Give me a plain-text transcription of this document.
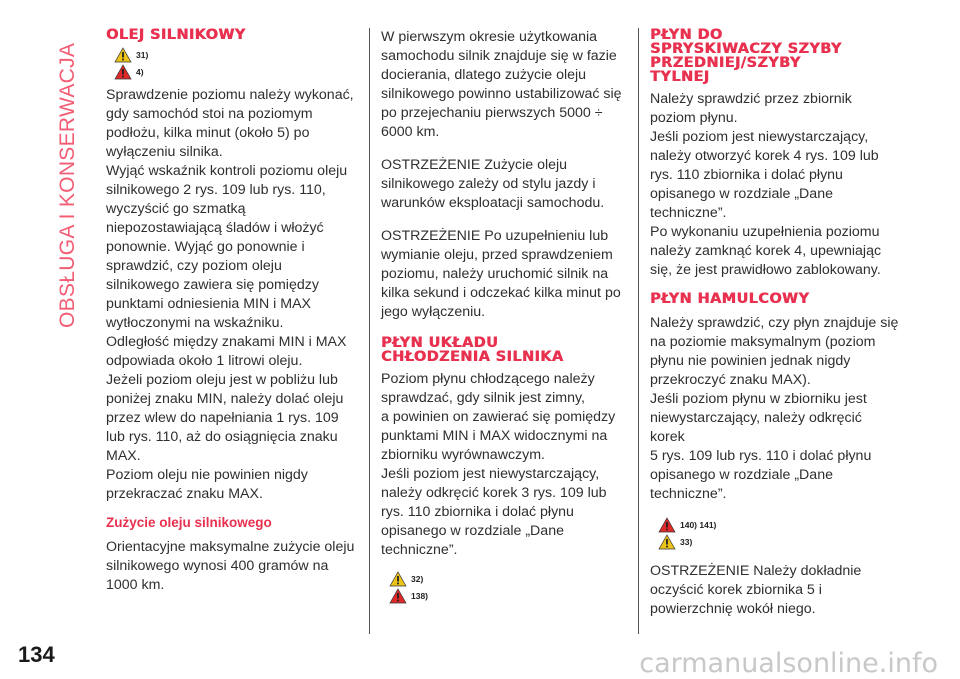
OBSŁUGA I KONSERWACJA
OLEJ SILNIKOWY
31)
4)

Sprawdzenie poziomu należy wykonać,
gdy samochód stoi na poziomym
podłożu, kilka minut (około 5) po
wyłączeniu silnika.
Wyjąć wskaźnik kontroli poziomu oleju
silnikowego 2 rys. 109 lub rys. 110,
wyczyścić go szmatką
niepozostawiającą śladów i włożyć
ponownie. Wyjąć go ponownie i
sprawdzić, czy poziom oleju
silnikowego zawiera się pomiędzy
punktami odniesienia MIN i MAX
wytłoczonymi na wskaźniku.
Odległość między znakami MIN i MAX
odpowiada około 1 litrowi oleju.
Jeżeli poziom oleju jest w pobliżu lub
poniżej znaku MIN, należy dolać oleju
przez wlew do napełniania 1 rys. 109
lub rys. 110, aż do osiągnięcia znaku
MAX.
Poziom oleju nie powinien nigdy
przekraczać znaku MAX.

Zużycie oleju silnikowego

Orientacyjne maksymalne zużycie oleju
silnikowego wynosi 400 gramów na
1000 km.

W pierwszym okresie użytkowania
samochodu silnik znajduje się w fazie
docierania, dlatego zużycie oleju
silnikowego powinno ustabilizować się
po przejechaniu pierwszych 5000 ÷
6000 km.

OSTRZEŻENIE Zużycie oleju
silnikowego zależy od stylu jazdy i
warunków eksploatacji samochodu.

OSTRZEŻENIE Po uzupełnieniu lub
wymianie oleju, przed sprawdzeniem
poziomu, należy uruchomić silnik na
kilka sekund i odczekać kilka minut po
jego wyłączeniu.

PŁYN UKŁADU
CHŁODZENIA SILNIKA

Poziom płynu chłodzącego należy
sprawdzać, gdy silnik jest zimny,
a powinien on zawierać się pomiędzy
punktami MIN i MAX widocznymi na
zbiorniku wyrównawczym.
Jeśli poziom jest niewystarczający,
należy odkręcić korek 3 rys. 109 lub
rys. 110 zbiornika i dolać płynu
opisanego w rozdziale „Dane
techniczne”.

32)
138)
PŁYN DO
SPRYSKIWACZY SZYBY
PRZEDNIEJ/SZYBY
TYLNEJ

Należy sprawdzić przez zbiornik
poziom płynu.
Jeśli poziom jest niewystarczający,
należy otworzyć korek 4 rys. 109 lub
rys. 110 zbiornika i dolać płynu
opisanego w rozdziale „Dane
techniczne”.
Po wykonaniu uzupełnienia poziomu
należy zamknąć korek 4, upewniając
się, że jest prawidłowo zablokowany.

PŁYN HAMULCOWY

Należy sprawdzić, czy płyn znajduje się
na poziomie maksymalnym (poziom
płynu nie powinien jednak nigdy
przekroczyć znaku MAX).
Jeśli poziom płynu w zbiorniku jest
niewystarczający, należy odkręcić korek
5 rys. 109 lub rys. 110 i dolać płynu
opisanego w rozdziale „Dane
techniczne”.

140) 141)
33)

OSTRZEŻENIE Należy dokładnie
oczyścić korek zbiornika 5 i
powierzchnię wokół niego.

134	carmanualsonline.info
